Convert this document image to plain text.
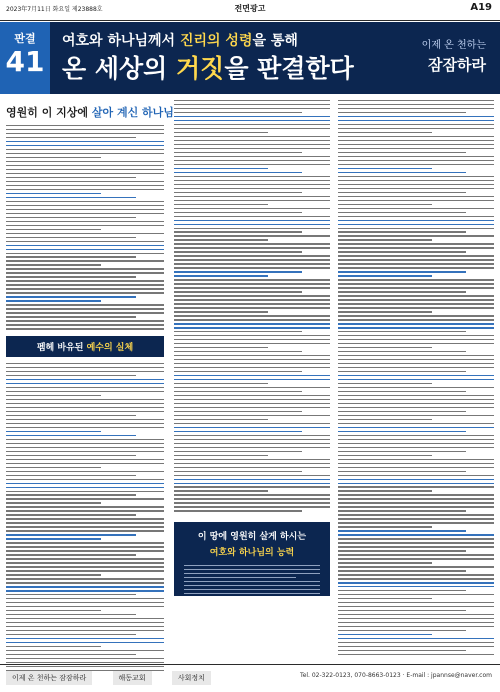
2023年7月11日 화요일 제23888호	전면광고	A19
판결
41
여호와 하나님께서 진리의 성령을 통해
온 세상의 거짓을 판결한다
이제 온 천하는
잠잠하라
영원히 이 지상에 살아 계신 하나님
펨헤 바유된 예수의 실체
이 땅에 영원히 살게 하시는
여호와 하나님의 능력
이제 온 천하는 잠잠하라	해동교회	사회정치	Tel. 02-322-0123, 070-8663-0123 · E-mail : jpannse@naver.com
